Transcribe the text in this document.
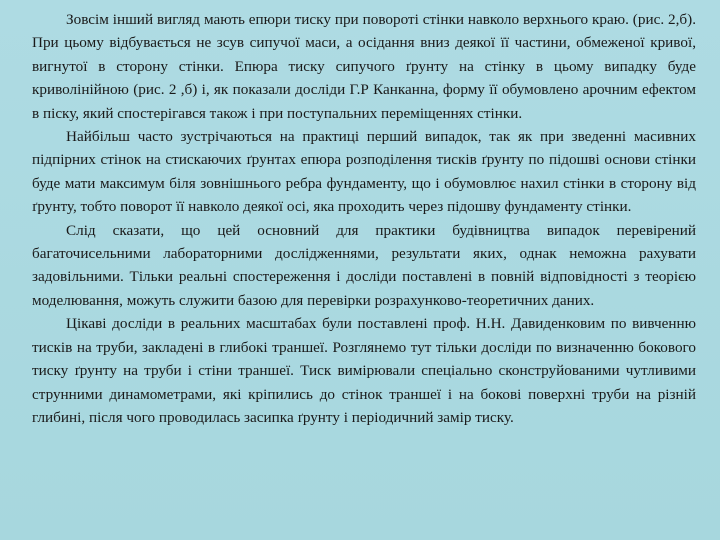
Зовсім інший вигляд мають епюри тиску при повороті стінки навколо верхнього краю. (рис. 2,б). При цьому відбувається не зсув сипучої маси, а осідання вниз деякої її частини, обмеженої кривої, вигнутої в сторону стінки. Епюра тиску сипучого ґрунту на стінку в цьому випадку буде криволінійною (рис. 2 ,б) і, як показали досліди Г.Р Канканна, форму її обумовлено арочним ефектом в піску, який спостерігався також і при поступальних переміщеннях стінки.

Найбільш часто зустрічаються на практиці перший випадок, так як при зведенні масивних підпірних стінок на стискаючих ґрунтах епюра розподілення тисків ґрунту по підошві основи стінки буде мати максимум біля зовнішнього ребра фундаменту, що і обумовлює нахил стінки в сторону від ґрунту, тобто поворот її навколо деякої осі, яка проходить через підошву фундаменту стінки.

Слід сказати, що цей основний для практики будівництва випадок перевірений багаточисельними лабораторними дослідженнями, результати яких, однак неможна рахувати задовільними. Тільки реальні спостереження і досліди поставлені в повній відповідності з теорією моделювання, можуть служити базою для перевірки розрахунково-теоретичних даних.

Цікаві досліди в реальних масштабах були поставлені проф. Н.Н. Давиденковим по вивченню тисків на труби, закладені в глибокі траншеї. Розглянемо тут тільки досліди по визначенню бокового тиску ґрунту на труби і стіни траншеї. Тиск вимірювали спеціально сконструйованими чутливими струнними динамометрами, які кріпились до стінок траншеї і на бокові поверхні труби на різній глибині, після чого проводилась засипка ґрунту і періодичний замір тиску.
